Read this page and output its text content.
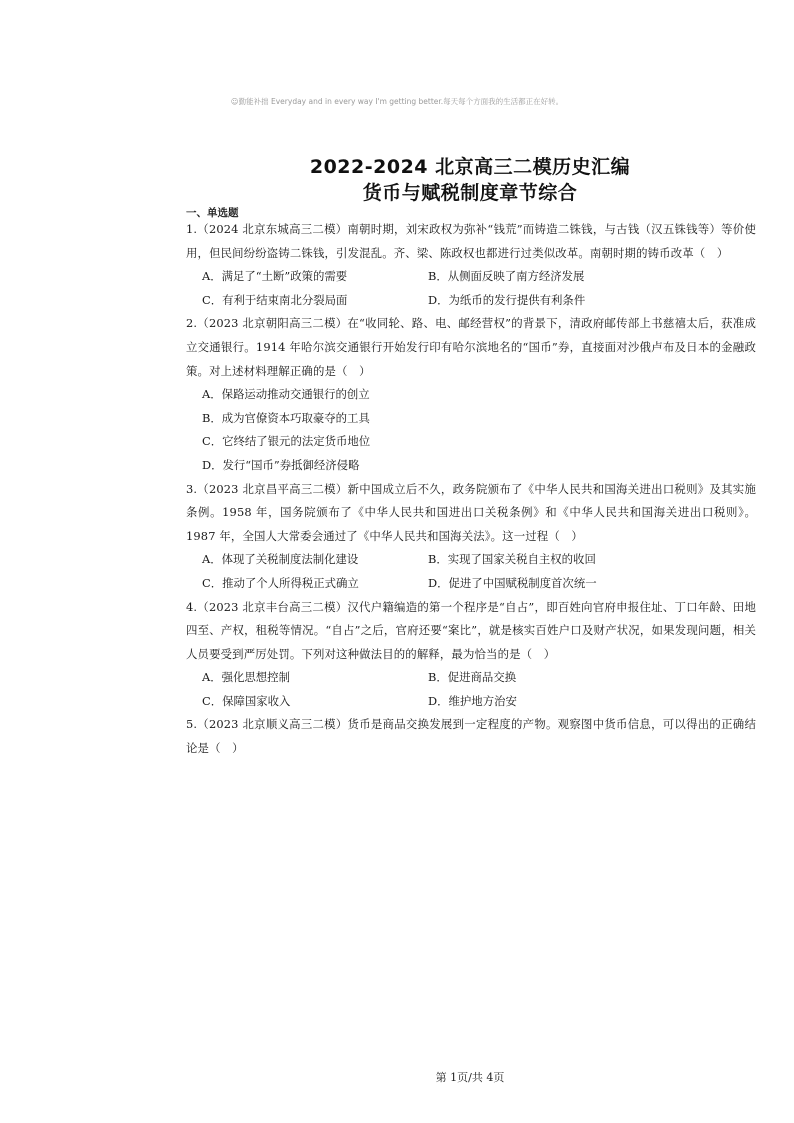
☺勤能补拙 Everyday and in every way I'm getting better.每天每个方面我的生活都正在好转。
2022-2024 北京高三二模历史汇编
货币与赋税制度章节综合
一、单选题

1.（2024 北京东城高三二模）南朝时期，刘宋政权为弥补“钱荒”而铸造二铢钱，与古钱（汉五铢钱等）等价使用，但民间纷纷盗铸二铢钱，引发混乱。齐、梁、陈政权也都进行过类似改革。南朝时期的铸币改革（　）

A．满足了“土断”政策的需要	B．从侧面反映了南方经济发展
C．有利于结束南北分裂局面	D．为纸币的发行提供有利条件

2.（2023 北京朝阳高三二模）在“收同轮、路、电、邮经营权”的背景下，清政府邮传部上书慈禧太后，获准成立交通银行。1914 年哈尔滨交通银行开始发行印有哈尔滨地名的“国币”券，直接面对沙俄卢布及日本的金融政策。对上述材料理解正确的是（　）

A．保路运动推动交通银行的创立
B．成为官僚资本巧取豪夺的工具
C．它终结了银元的法定货币地位
D．发行“国币”券抵御经济侵略

3.（2023 北京昌平高三二模）新中国成立后不久，政务院颁布了《中华人民共和国海关进出口税则》及其实施条例。1958 年，国务院颁布了《中华人民共和国进出口关税条例》和《中华人民共和国海关进出口税则》。1987 年，全国人大常委会通过了《中华人民共和国海关法》。这一过程（　）

A．体现了关税制度法制化建设	B．实现了国家关税自主权的收回
C．推动了个人所得税正式确立	D．促进了中国赋税制度首次统一

4.（2023 北京丰台高三二模）汉代户籍编造的第一个程序是“自占”，即百姓向官府申报住址、丁口年龄、田地四至、产权，租税等情况。“自占”之后，官府还要“案比”，就是核实百姓户口及财产状况，如果发现问题，相关人员要受到严厉处罚。下列对这种做法目的的解释，最为恰当的是（　）

A．强化思想控制	B．促进商品交换
C．保障国家收入	D．维护地方治安

5.（2023 北京顺义高三二模）货币是商品交换发展到一定程度的产物。观察图中货币信息，可以得出的正确结论是（　）

第 1页/共 4页
